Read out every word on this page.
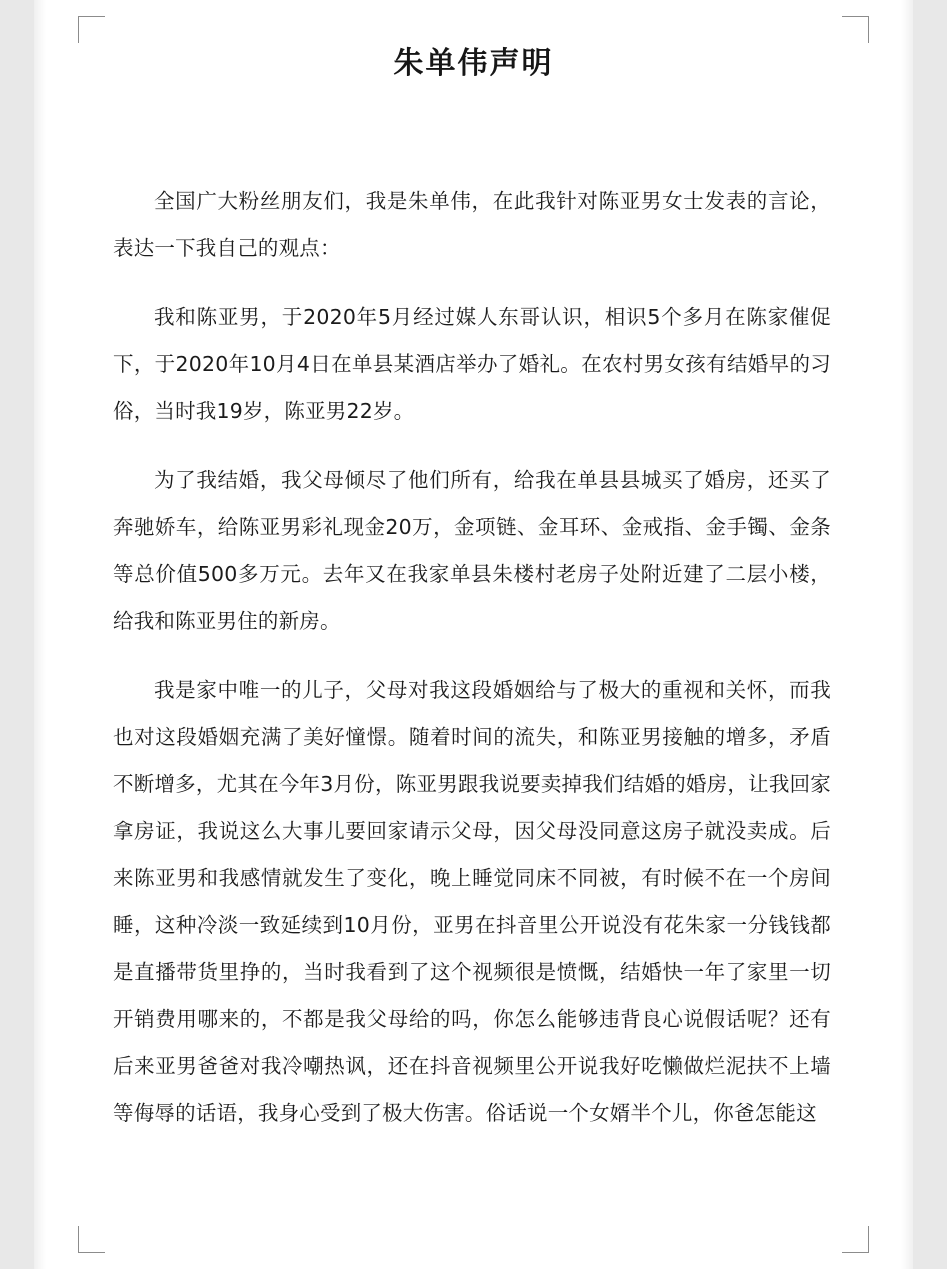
朱单伟声明

全国广大粉丝朋友们，我是朱单伟，在此我针对陈亚男女士发表的言论，表达一下我自己的观点：

我和陈亚男，于2020年5月经过媒人东哥认识，相识5个多月在陈家催促下，于2020年10月4日在单县某酒店举办了婚礼。在农村男女孩有结婚早的习俗，当时我19岁，陈亚男22岁。

为了我结婚，我父母倾尽了他们所有，给我在单县县城买了婚房，还买了奔驰娇车，给陈亚男彩礼现金20万，金项链、金耳环、金戒指、金手镯、金条等总价值500多万元。去年又在我家单县朱楼村老房子处附近建了二层小楼，给我和陈亚男住的新房。

我是家中唯一的儿子，父母对我这段婚姻给与了极大的重视和关怀，而我也对这段婚姻充满了美好憧憬。随着时间的流失，和陈亚男接触的增多，矛盾不断增多，尤其在今年3月份，陈亚男跟我说要卖掉我们结婚的婚房，让我回家拿房证，我说这么大事儿要回家请示父母，因父母没同意这房子就没卖成。后来陈亚男和我感情就发生了变化，晚上睡觉同床不同被，有时候不在一个房间睡，这种冷淡一致延续到10月份，亚男在抖音里公开说没有花朱家一分钱钱都是直播带货里挣的，当时我看到了这个视频很是愤慨，结婚快一年了家里一切开销费用哪来的，不都是我父母给的吗，你怎么能够违背良心说假话呢？还有后来亚男爸爸对我冷嘲热讽，还在抖音视频里公开说我好吃懒做烂泥扶不上墙等侮辱的话语，我身心受到了极大伤害。俗话说一个女婿半个儿，你爸怎能这
